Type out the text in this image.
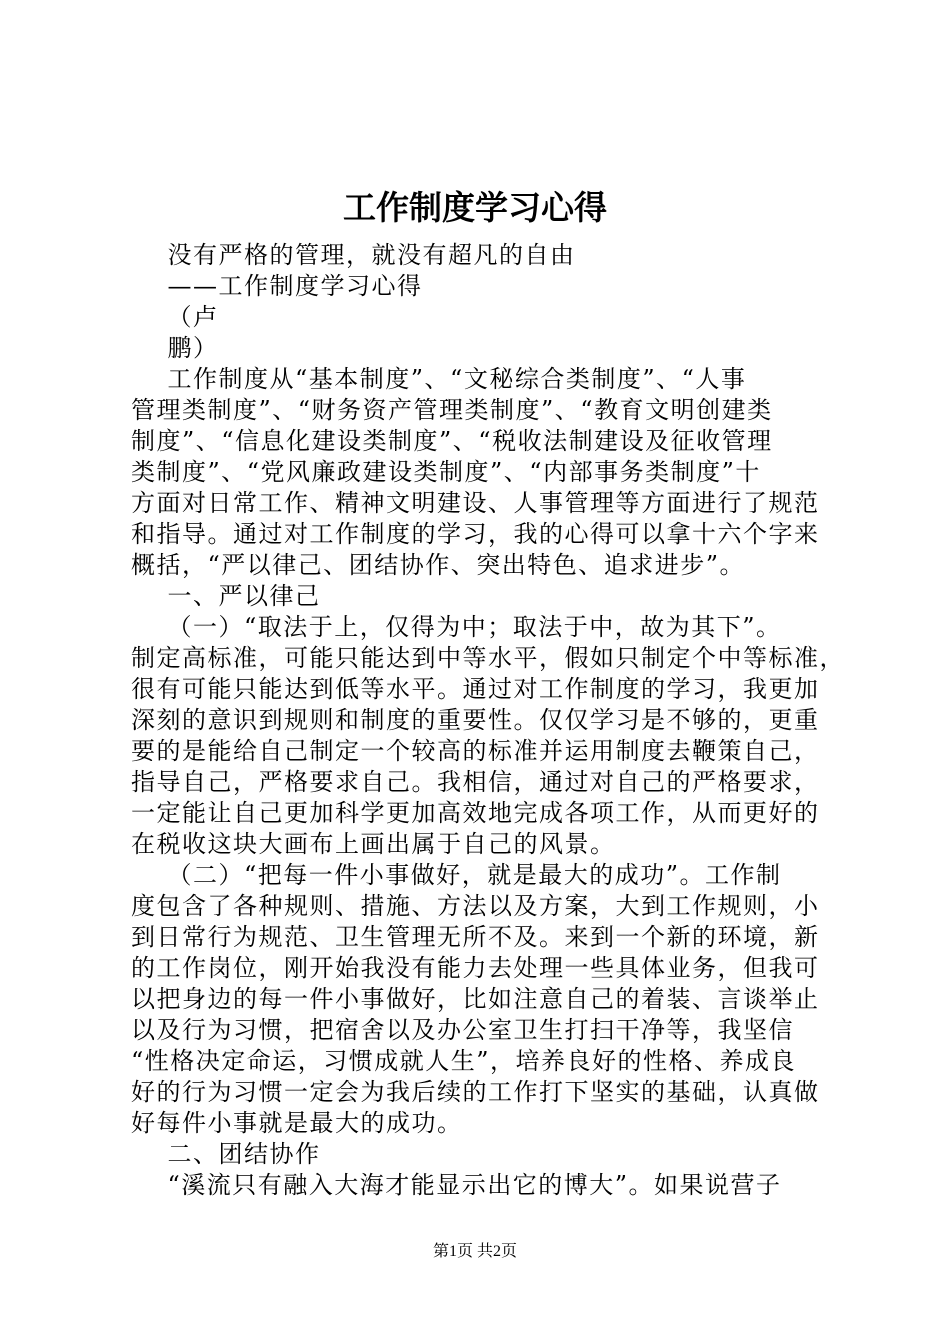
工作制度学习心得
没有严格的管理，就没有超凡的自由
——工作制度学习心得
（卢
鹏）
工作制度从“基本制度”、“文秘综合类制度”、“人事
管理类制度”、“财务资产管理类制度”、“教育文明创建类
制度”、“信息化建设类制度”、“税收法制建设及征收管理
类制度”、“党风廉政建设类制度”、“内部事务类制度”十
方面对日常工作、精神文明建设、人事管理等方面进行了规范
和指导。通过对工作制度的学习，我的心得可以拿十六个字来
概括，“严以律己、团结协作、突出特色、追求进步”。
一、严以律己
（一）“取法于上，仅得为中；取法于中，故为其下”。
制定高标准，可能只能达到中等水平，假如只制定个中等标准，
很有可能只能达到低等水平。通过对工作制度的学习，我更加
深刻的意识到规则和制度的重要性。仅仅学习是不够的，更重
要的是能给自己制定一个较高的标准并运用制度去鞭策自己，
指导自己，严格要求自己。我相信，通过对自己的严格要求，
一定能让自己更加科学更加高效地完成各项工作，从而更好的
在税收这块大画布上画出属于自己的风景。
（二）“把每一件小事做好，就是最大的成功”。工作制
度包含了各种规则、措施、方法以及方案，大到工作规则，小
到日常行为规范、卫生管理无所不及。来到一个新的环境，新
的工作岗位，刚开始我没有能力去处理一些具体业务，但我可
以把身边的每一件小事做好，比如注意自己的着装、言谈举止
以及行为习惯，把宿舍以及办公室卫生打扫干净等，我坚信
“性格决定命运，习惯成就人生”，培养良好的性格、养成良
好的行为习惯一定会为我后续的工作打下坚实的基础，认真做
好每件小事就是最大的成功。
二、团结协作
“溪流只有融入大海才能显示出它的博大”。如果说营子
第1页 共2页
